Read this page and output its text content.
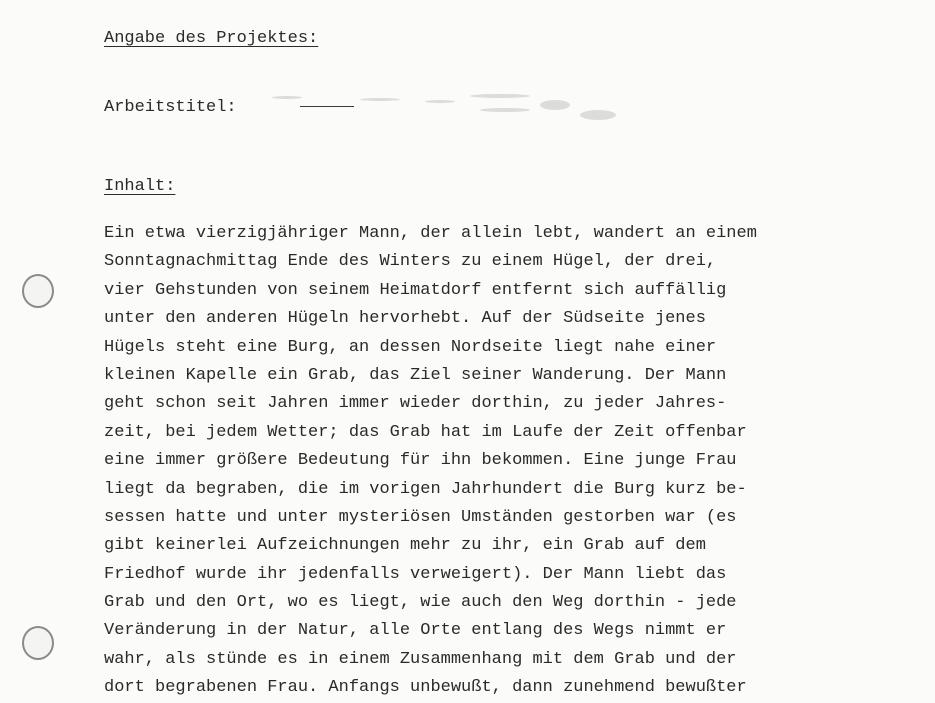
Angabe des Projektes:
Arbeitstitel:
Inhalt:
Ein etwa vierzigjähriger Mann, der allein lebt, wandert an einem
Sonntagnachmittag Ende des Winters zu einem Hügel, der drei,
vier Gehstunden von seinem Heimatdorf entfernt sich auffällig
unter den anderen Hügeln hervorhebt. Auf der Südseite jenes
Hügels steht eine Burg, an dessen Nordseite liegt nahe einer
kleinen Kapelle ein Grab, das Ziel seiner Wanderung. Der Mann
geht schon seit Jahren immer wieder dorthin, zu jeder Jahres-
zeit, bei jedem Wetter; das Grab hat im Laufe der Zeit offenbar
eine immer größere Bedeutung für ihn bekommen. Eine junge Frau
liegt da begraben, die im vorigen Jahrhundert die Burg kurz be-
sessen hatte und unter mysteriösen Umständen gestorben war (es
gibt keinerlei Aufzeichnungen mehr zu ihr, ein Grab auf dem
Friedhof wurde ihr jedenfalls verweigert). Der Mann liebt das
Grab und den Ort, wo es liegt, wie auch den Weg dorthin - jede
Veränderung in der Natur, alle Orte entlang des Wegs nimmt er
wahr, als stünde es in einem Zusammenhang mit dem Grab und der
dort begrabenen Frau. Anfangs unbewußt, dann zunehmend bewußter
